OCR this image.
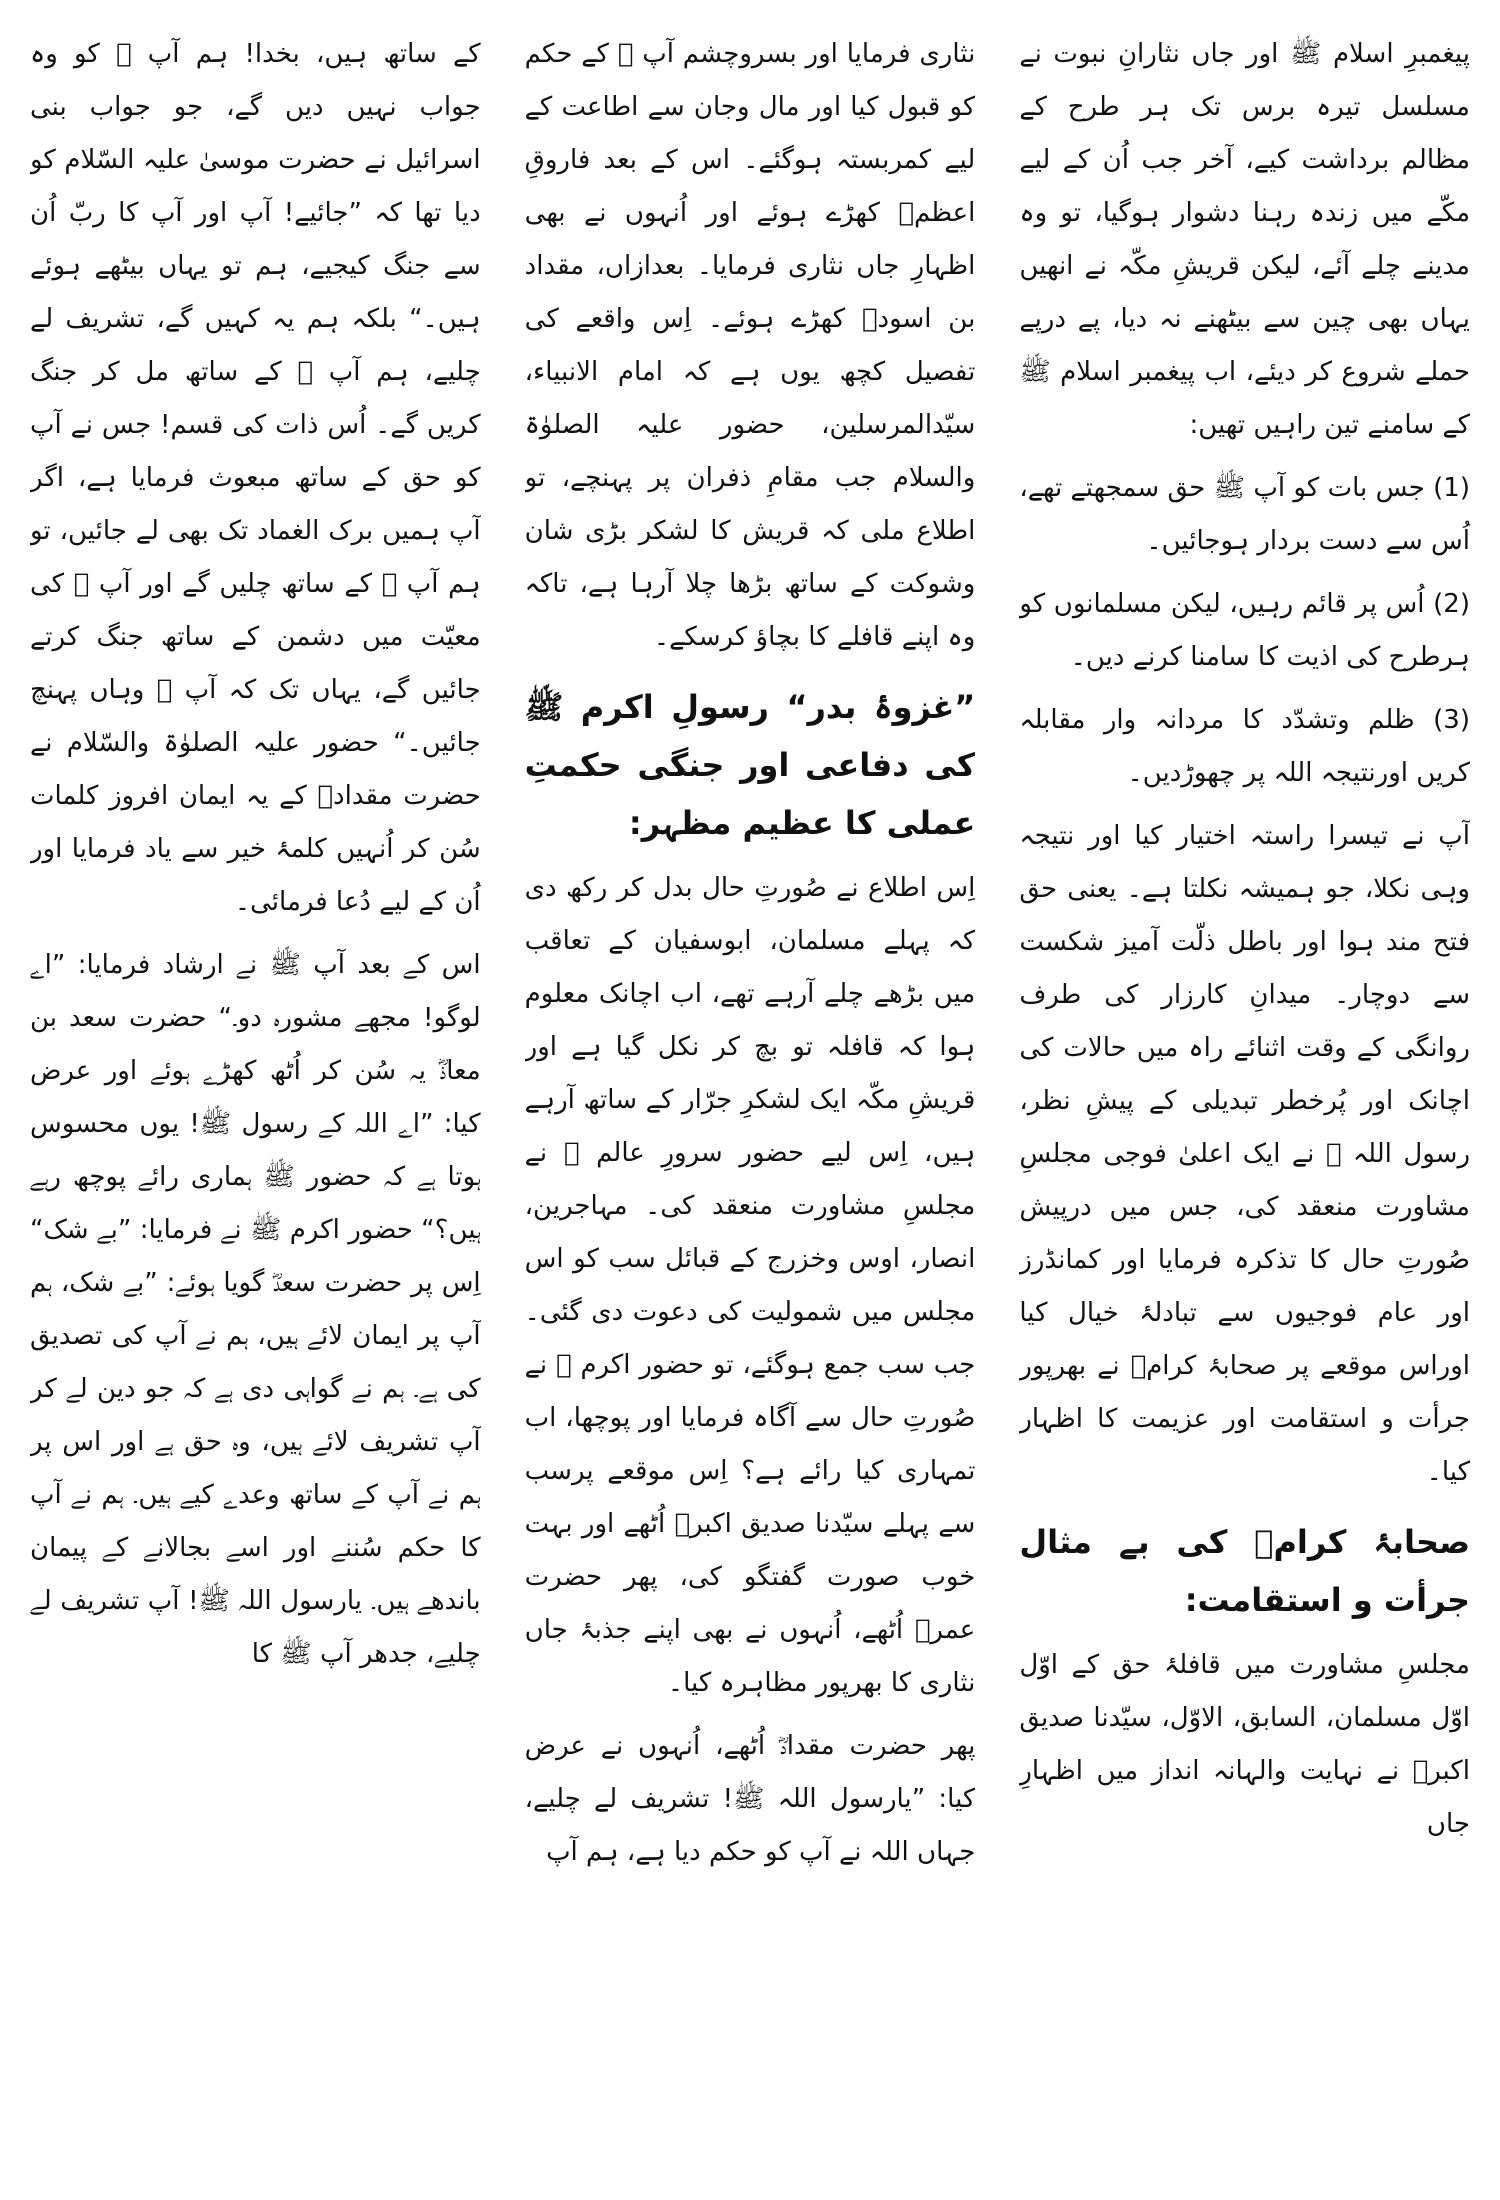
پیغمبرِ اسلام ﷺ اور جاں نثارانِ نبوت نے مسلسل تیرہ برس تک ہر طرح کے مظالم برداشت کیے، آخر جب اُن کے لیے مکّے میں زندہ رہنا دشوار ہوگیا، تو وہ مدینے چلے آئے، لیکن قریشِ مکّہ نے انھیں یہاں بھی چین سے بیٹھنے نہ دیا، پے درپے حملے شروع کر دیئے، اب پیغمبر اسلام ﷺ کے سامنے تین راہیں تھیں:

(1) جس بات کو آپ ﷺ حق سمجھتے تھے، اُس سے دست بردار ہوجائیں۔

(2) اُس پر قائم رہیں، لیکن مسلمانوں کو ہرطرح کی اذیت کا سامنا کرنے دیں۔

(3) ظلم وتشدّد کا مردانہ وار مقابلہ کریں اورنتیجہ اللہ پر چھوڑدیں۔

آپ نے تیسرا راستہ اختیار کیا اور نتیجہ وہی نکلا، جو ہمیشہ نکلتا ہے۔ یعنی حق فتح مند ہوا اور باطل ذلّت آمیز شکست سے دوچار۔ میدانِ کارزار کی طرف روانگی کے وقت اثنائے راہ میں حالات کی اچانک اور پُرخطر تبدیلی کے پیشِ نظر، رسول اللہ ﷺ نے ایک اعلیٰ فوجی مجلسِ مشاورت منعقد کی، جس میں درپیش صُورتِ حال کا تذکرہ فرمایا اور کمانڈرز اور عام فوجیوں سے تبادلۂ خیال کیا اوراس موقعے پر صحابۂ کرامؓ نے بھرپور جرأت و استقامت اور عزیمت کا اظہار کیا۔

صحابۂ کرامؓ کی بے مثال جرأت و استقامت:

مجلسِ مشاورت میں قافلۂ حق کے اوّل اوّل مسلمان، السابق، الاوّل، سیّدنا صدیق اکبرؓ نے نہایت والہانہ انداز میں اظہارِ جاں

نثاری فرمایا اور بسروچشم آپ ﷺ کے حکم کو قبول کیا اور مال وجان سے اطاعت کے لیے کمربستہ ہوگئے۔ اس کے بعد فاروقِ اعظمؓ کھڑے ہوئے اور اُنہوں نے بھی اظہارِ جاں نثاری فرمایا۔ بعدازاں، مقداد بن اسودؓ کھڑے ہوئے۔ اِس واقعے کی تفصیل کچھ یوں ہے کہ امام الانبیاء، سیّدالمرسلین، حضور علیہ الصلوٰۃ والسلام جب مقامِ ذفران پر پہنچے، تو اطلاع ملی کہ قریش کا لشکر بڑی شان وشوکت کے ساتھ بڑھا چلا آرہا ہے، تاکہ وہ اپنے قافلے کا بچاؤ کرسکے۔

”غزوۂ بدر“ رسولِ اکرم ﷺ کی دفاعی اور جنگی حکمتِ عملی کا عظیم مظہر:

اِس اطلاع نے صُورتِ حال بدل کر رکھ دی کہ پہلے مسلمان، ابوسفیان کے تعاقب میں بڑھے چلے آرہے تھے، اب اچانک معلوم ہوا کہ قافلہ تو بچ کر نکل گیا ہے اور قریشِ مکّہ ایک لشکرِ جرّار کے ساتھ آرہے ہیں، اِس لیے حضور سرورِ عالم ﷺ نے مجلسِ مشاورت منعقد کی۔ مہاجرین، انصار، اوس وخزرج کے قبائل سب کو اس مجلس میں شمولیت کی دعوت دی گئی۔ جب سب جمع ہوگئے، تو حضور اکرم ﷺ نے صُورتِ حال سے آگاہ فرمایا اور پوچھا، اب تمہاری کیا رائے ہے؟ اِس موقعے پرسب سے پہلے سیّدنا صدیق اکبرؓ اُٹھے اور بہت خوب صورت گفتگو کی، پھر حضرت عمرؓ اُٹھے، اُنہوں نے بھی اپنے جذبۂ جاں نثاری کا بھرپور مظاہرہ کیا۔

پھر حضرت مقدادؓ اُٹھے، اُنہوں نے عرض کیا: ”یارسول اللہ ﷺ! تشریف لے چلیے، جہاں اللہ نے آپ کو حکم دیا ہے، ہم آپ

کے ساتھ ہیں، بخدا! ہم آپ ﷺ کو وہ جواب نہیں دیں گے، جو جواب بنی اسرائیل نے حضرت موسیٰ علیہ السّلام کو دیا تھا کہ ”جائیے! آپ اور آپ کا ربّ اُن سے جنگ کیجیے، ہم تو یہاں بیٹھے ہوئے ہیں۔“ بلکہ ہم یہ کہیں گے، تشریف لے چلیے، ہم آپ ﷺ کے ساتھ مل کر جنگ کریں گے۔ اُس ذات کی قسم! جس نے آپ کو حق کے ساتھ مبعوث فرمایا ہے، اگر آپ ہمیں برک الغماد تک بھی لے جائیں، تو ہم آپ ﷺ کے ساتھ چلیں گے اور آپ ﷺ کی معیّت میں دشمن کے ساتھ جنگ کرتے جائیں گے، یہاں تک کہ آپ ﷺ وہاں پہنچ جائیں۔“ حضور علیہ الصلوٰۃ والسّلام نے حضرت مقدادؓ کے یہ ایمان افروز کلمات سُن کر اُنہیں کلمۂ خیر سے یاد فرمایا اور اُن کے لیے دُعا فرمائی۔

اس کے بعد آپ ﷺ نے ارشاد فرمایا: ”اے لوگو! مجھے مشورہ دو۔“ حضرت سعد بن معاذؓ یہ سُن کر اُٹھ کھڑے ہوئے اور عرض کیا: ”اے اللہ کے رسول ﷺ! یوں محسوس ہوتا ہے کہ حضور ﷺ ہماری رائے پوچھ رہے ہیں؟“ حضور اکرم ﷺ نے فرمایا: ”بے شک“ اِس پر حضرت سعدؓ گویا ہوئے: ”بے شک، ہم آپ پر ایمان لائے ہیں، ہم نے آپ کی تصدیق کی ہے۔ ہم نے گواہی دی ہے کہ جو دین لے کر آپ تشریف لائے ہیں، وہ حق ہے اور اس پر ہم نے آپ کے ساتھ وعدے کیے ہیں۔ ہم نے آپ کا حکم سُننے اور اسے بجالانے کے پیمان باندھے ہیں۔ یارسول اللہ ﷺ! آپ تشریف لے چلیے، جدھر آپ ﷺ کا
